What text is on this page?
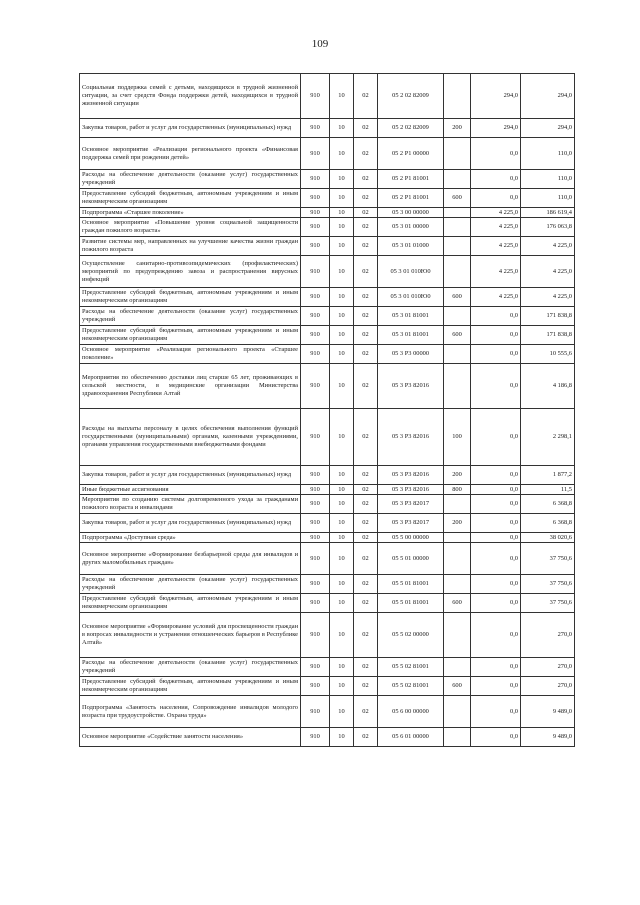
109
Социальная поддержка семей с детьми, находящихся в трудной жизненной ситуации, за счет средств Фонда поддержки детей, находящихся в трудной жизненной ситуации	910	10	02	05 2 02 82009		294,0	294,0
Закупка товаров, работ и услуг для государственных (муниципальных) нужд	910	10	02	05 2 02 82009	200	294,0	294,0
Основное мероприятие «Реализация регионального проекта «Финансовая поддержка семей при рождении детей»	910	10	02	05 2 P1 00000		0,0	110,0
Расходы на обеспечение деятельности (оказание услуг) государственных учреждений	910	10	02	05 2 P1 81001		0,0	110,0
Предоставление субсидий бюджетным, автономным учреждениям и иным некоммерческим организациям	910	10	02	05 2 P1 81001	600	0,0	110,0
Подпрограмма «Старшее поколение»	910	10	02	05 3 00 00000		4 225,0	186 619,4
Основное мероприятие «Повышение уровня социальной защищенности граждан пожилого возраста»	910	10	02	05 3 01 00000		4 225,0	176 063,8
Развитие системы мер, направленных на улучшение качества жизни граждан пожилого возраста	910	10	02	05 3 01 01000		4 225,0	4 225,0
Осуществление санитарно-противоэпидемических (профилактических) мероприятий по предупреждению завоза и распространения вирусных инфекций	910	10	02	05 3 01 010Ю0		4 225,0	4 225,0
Предоставление субсидий бюджетным, автономным учреждениям и иным некоммерческим организациям	910	10	02	05 3 01 010Ю0	600	4 225,0	4 225,0
Расходы на обеспечение деятельности (оказание услуг) государственных учреждений	910	10	02	05 3 01 81001		0,0	171 838,8
Предоставление субсидий бюджетным, автономным учреждениям и иным некоммерческим организациям	910	10	02	05 3 01 81001	600	0,0	171 838,8
Основное мероприятие «Реализация регионального проекта «Старшее поколение»	910	10	02	05 3 P3 00000		0,0	10 555,6
Мероприятия по обеспечению доставки лиц старше 65 лет, проживающих в сельской местности, в медицинские организации Министерства здравоохранения Республики Алтай	910	10	02	05 3 P3 82016		0,0	4 186,8
Расходы на выплаты персоналу в целях обеспечения выполнения функций государственными (муниципальными) органами, казенными учреждениями, органами управления государственными внебюджетными фондами	910	10	02	05 3 P3 82016	100	0,0	2 298,1
Закупка товаров, работ и услуг для государственных (муниципальных) нужд	910	10	02	05 3 P3 82016	200	0,0	1 877,2
Иные бюджетные ассигнования	910	10	02	05 3 P3 82016	800	0,0	11,5
Мероприятия по созданию системы долговременного ухода за гражданами пожилого возраста и инвалидами	910	10	02	05 3 P3 82017		0,0	6 368,8
Закупка товаров, работ и услуг для государственных (муниципальных) нужд	910	10	02	05 3 P3 82017	200	0,0	6 368,8
Подпрограмма «Доступная среда»	910	10	02	05 5 00 00000		0,0	38 020,6
Основное мероприятие «Формирование безбарьерной среды для инвалидов и других маломобильных граждан»	910	10	02	05 5 01 00000		0,0	37 750,6
Расходы на обеспечение деятельности (оказание услуг) государственных учреждений	910	10	02	05 5 01 81001		0,0	37 750,6
Предоставление субсидий бюджетным, автономным учреждениям и иным некоммерческим организациям	910	10	02	05 5 01 81001	600	0,0	37 750,6
Основное мероприятие «Формирование условий для просвещенности граждан в вопросах инвалидности и устранения отношенческих барьеров в Республике Алтай»	910	10	02	05 5 02 00000		0,0	270,0
Расходы на обеспечение деятельности (оказание услуг) государственных учреждений	910	10	02	05 5 02 81001		0,0	270,0
Предоставление субсидий бюджетным, автономным учреждениям и иным некоммерческим организациям	910	10	02	05 5 02 81001	600	0,0	270,0
Подпрограмма «Занятость населения, Сопровождение инвалидов молодого возраста при трудоустройстве. Охрана труда»	910	10	02	05 6 00 00000		0,0	9 489,0
Основное мероприятие «Содействие занятости населения»	910	10	02	05 6 01 00000		0,0	9 489,0
